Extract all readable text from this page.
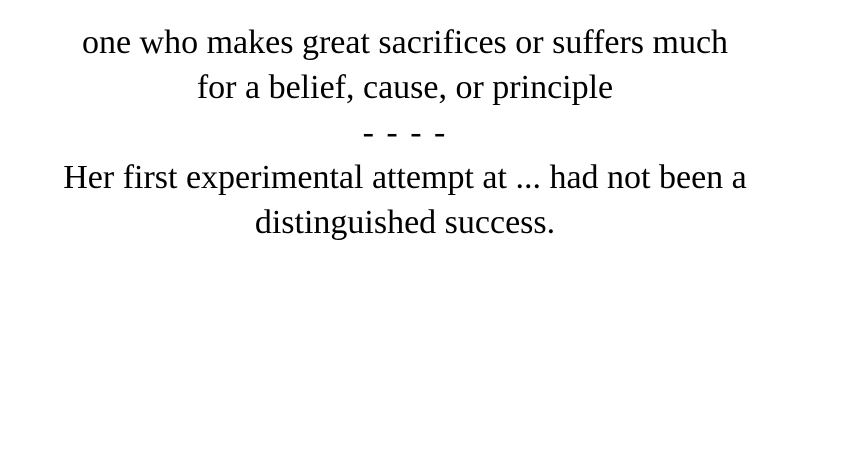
one who makes great sacrifices or suffers much for a belief, cause, or principle

- - - -

Her first experimental attempt at ... had not been a distinguished success.
